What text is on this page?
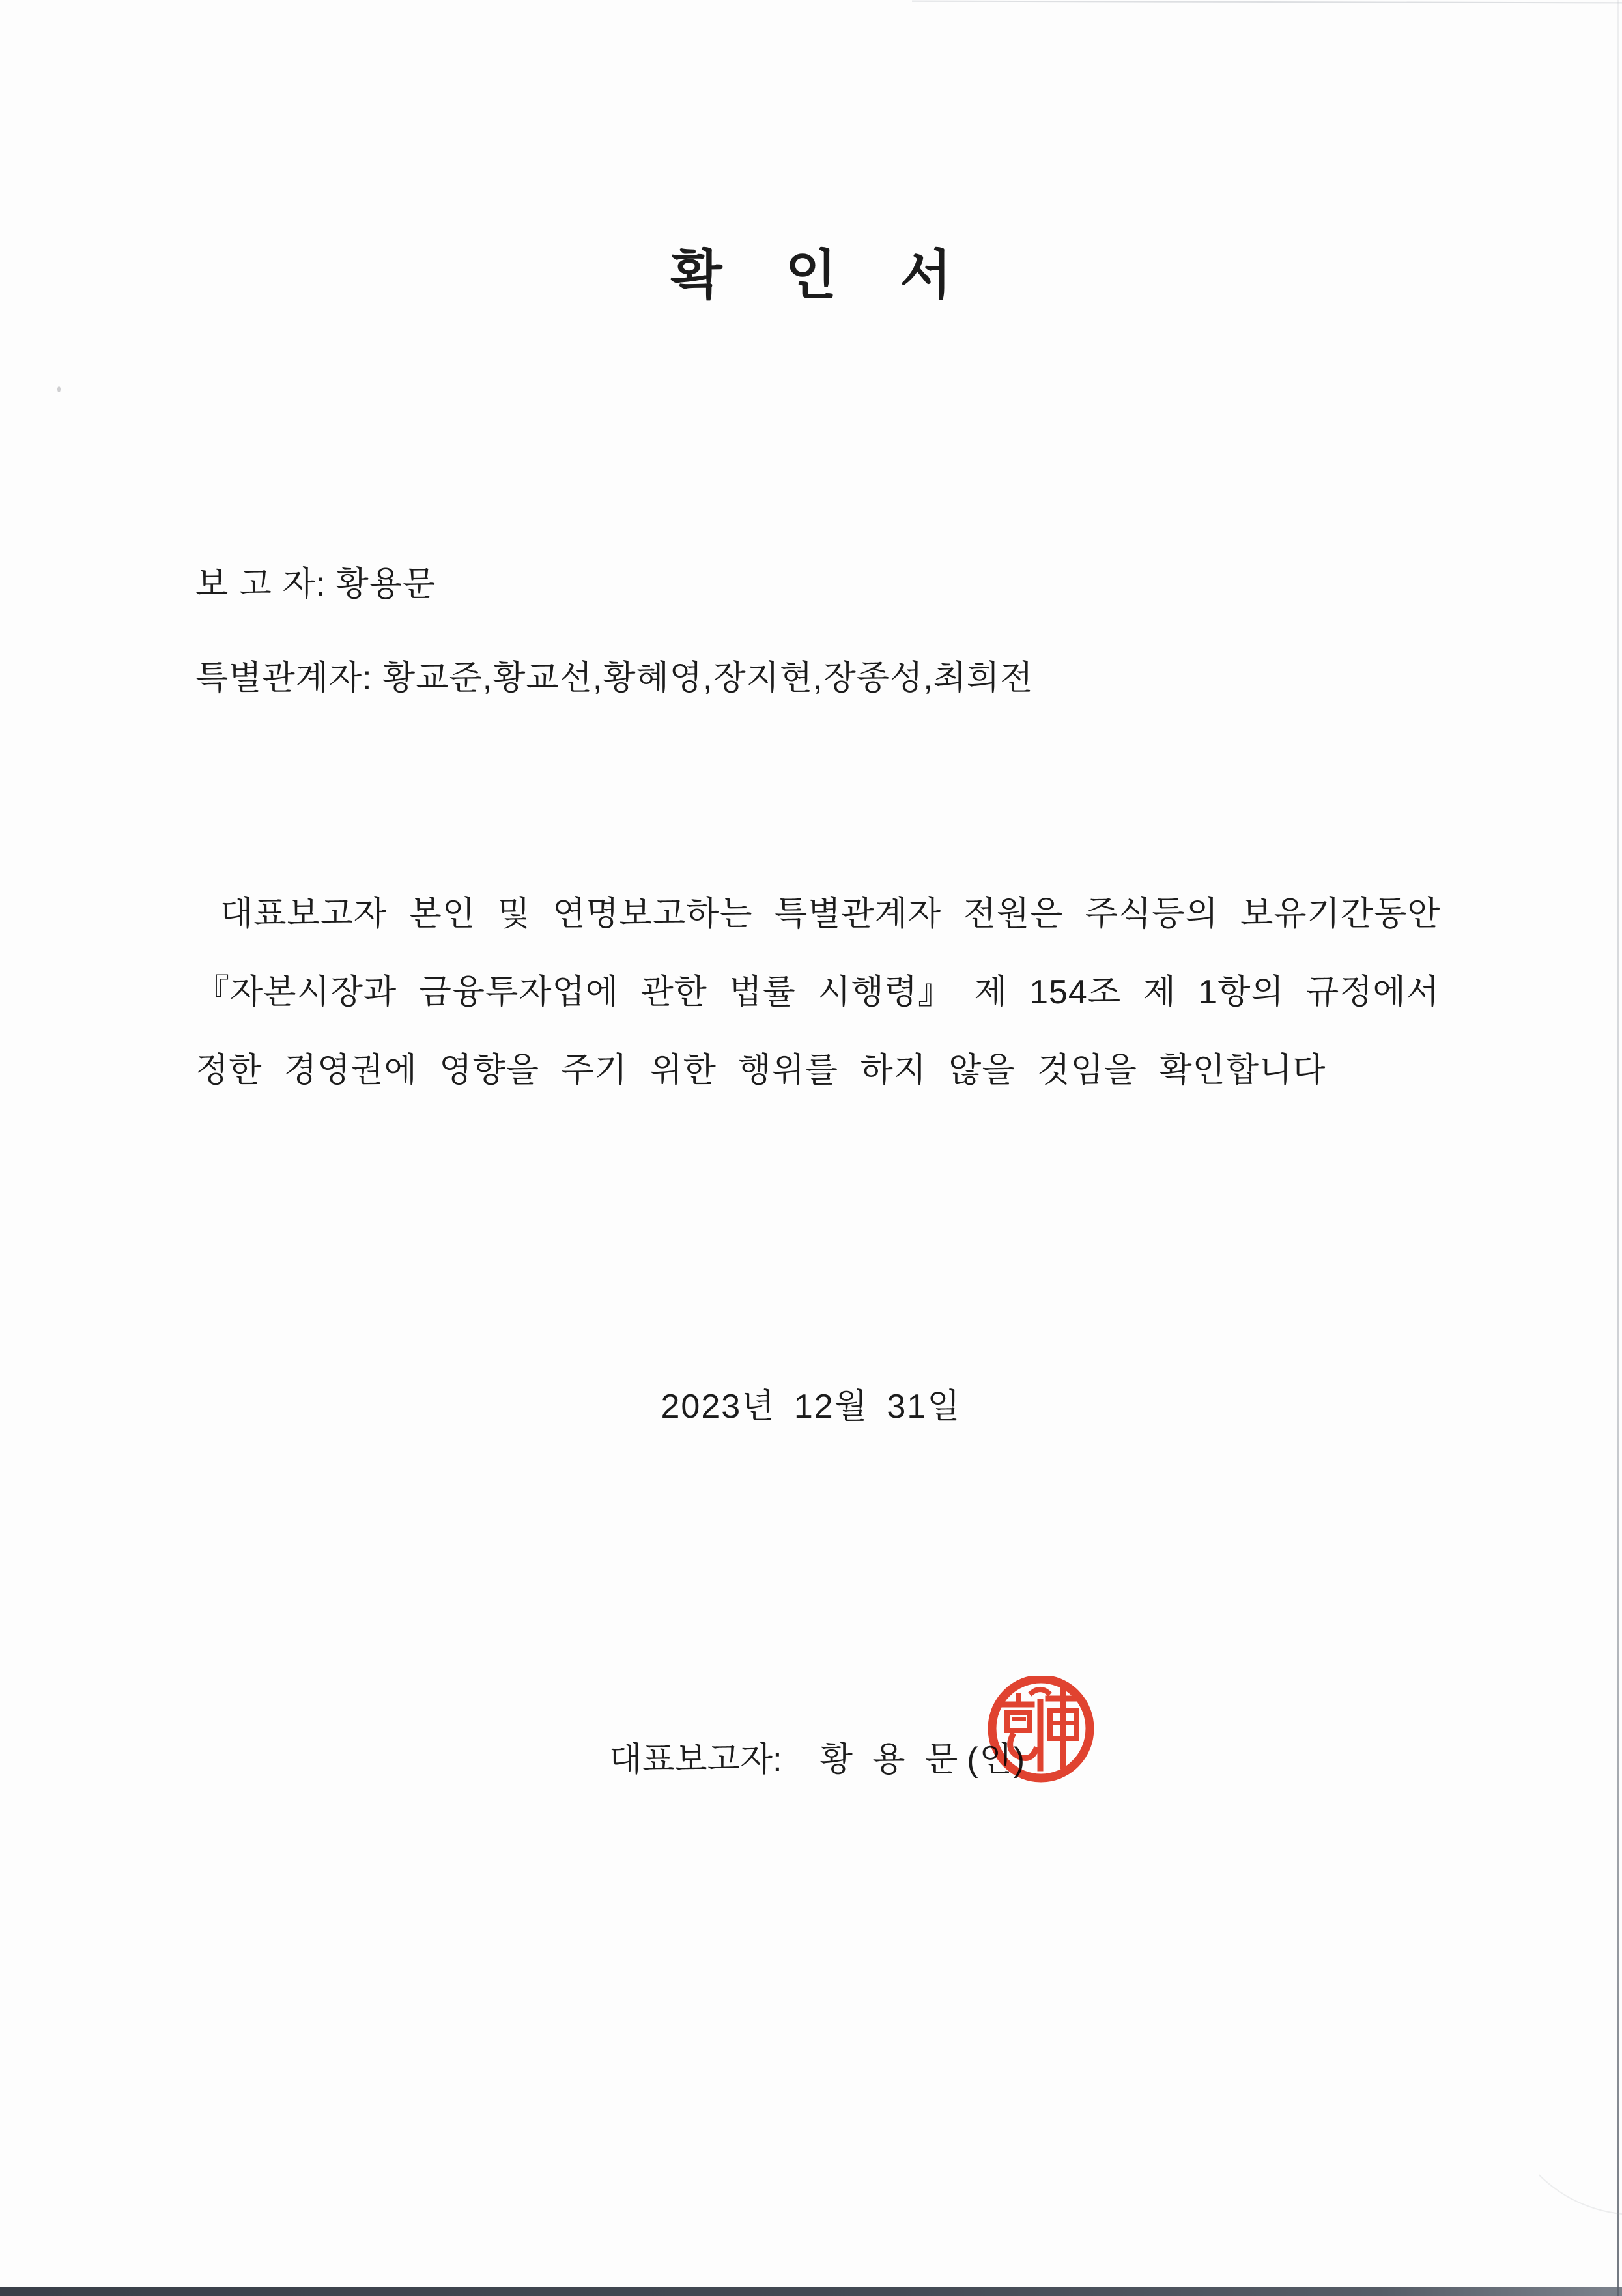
확 인 서
보 고 자: 황용문
특별관계자: 황교준,황교선,황혜영,장지현,장종성,최희전
대표보고자 본인 및 연명보고하는 특별관계자 전원은 주식등의 보유기간동안
『자본시장과 금융투자업에 관한 법률 시행령』 제 154조 제 1항의 규정에서
정한 경영권에 영향을 주기 위한 행위를 하지 않을 것임을 확인합니다
2023년 12월 31일
대표보고자: 황 용 문 (인)
